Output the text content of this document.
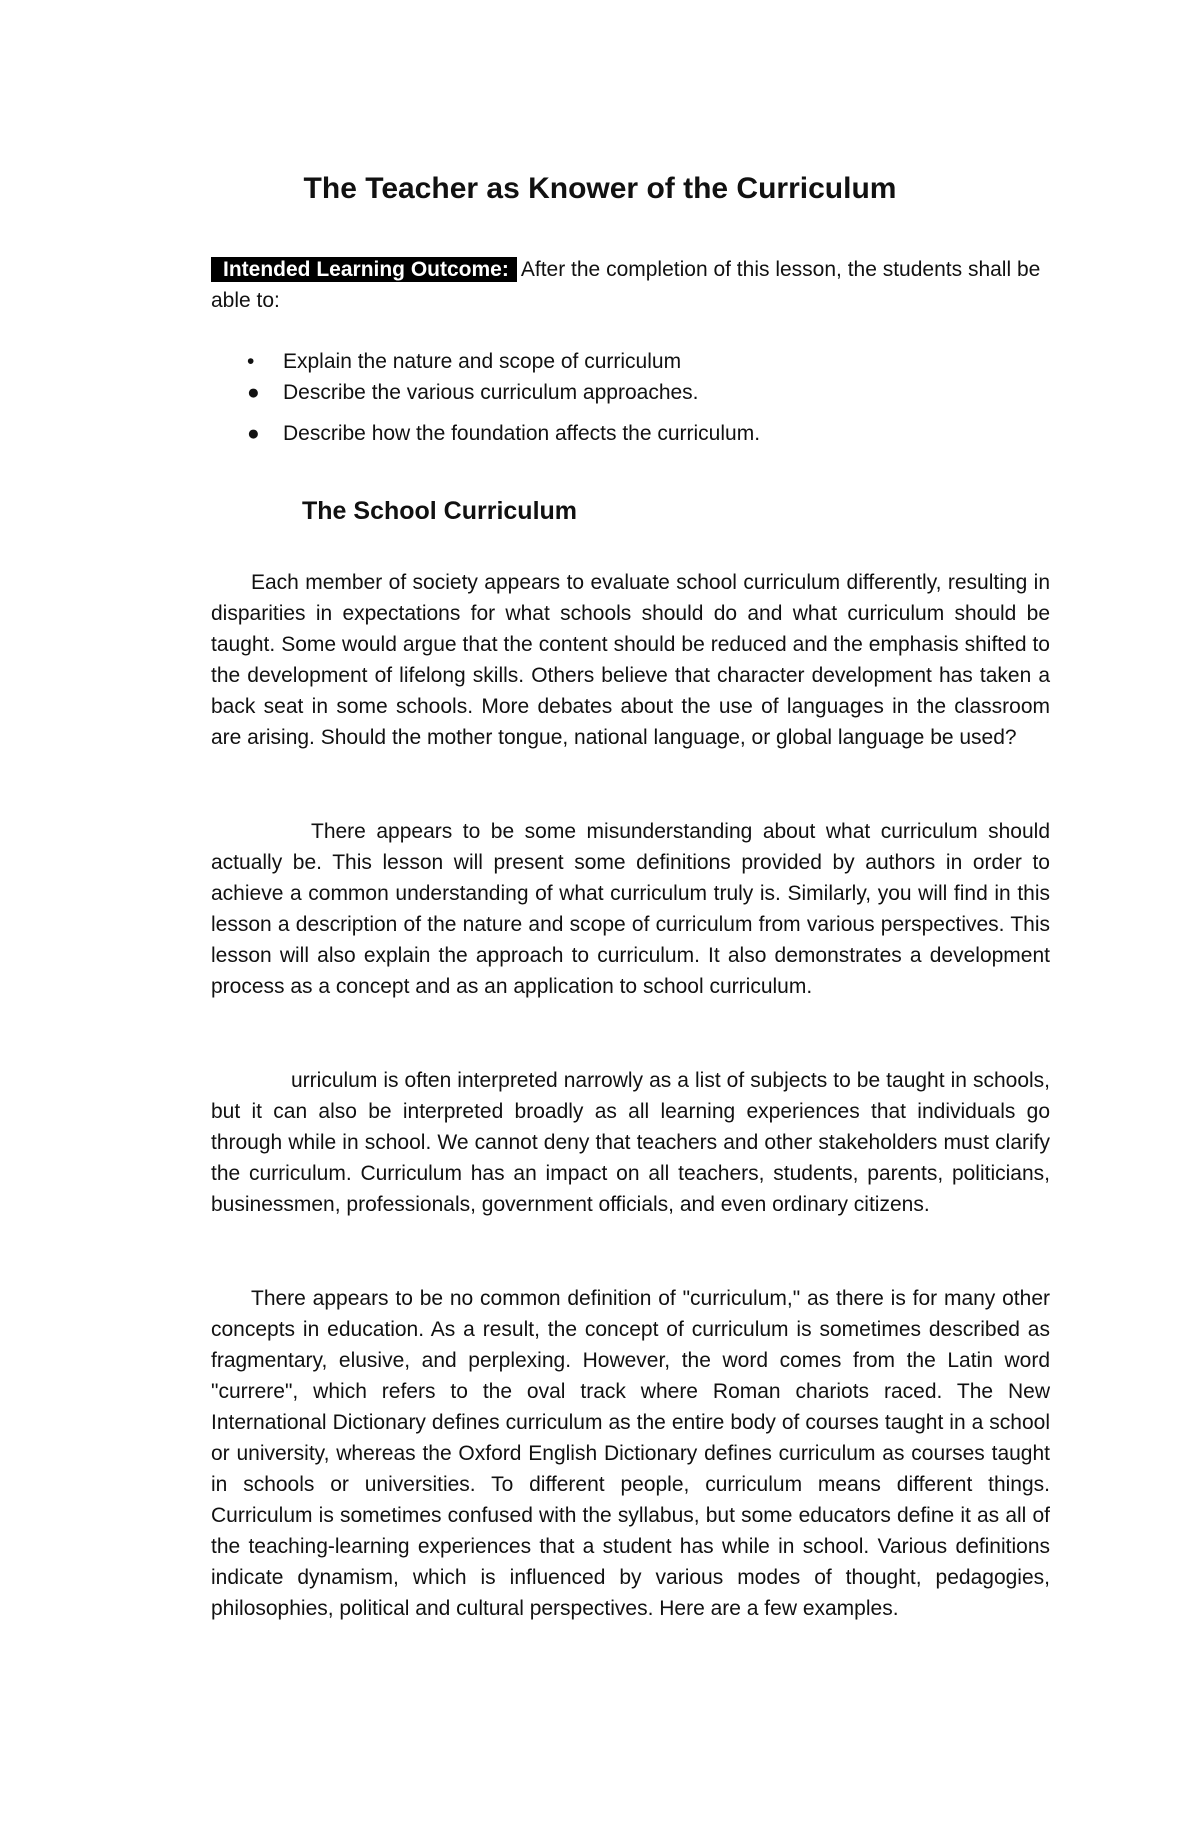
The Teacher as Knower of the Curriculum

Intended Learning Outcome: After the completion of this lesson, the students shall be able to:

• Explain the nature and scope of curriculum
● Describe the various curriculum approaches.
● Describe how the foundation affects the curriculum.
The School Curriculum

Each member of society appears to evaluate school curriculum differently, resulting in disparities in expectations for what schools should do and what curriculum should be taught. Some would argue that the content should be reduced and the emphasis shifted to the development of lifelong skills. Others believe that character development has taken a back seat in some schools. More debates about the use of languages in the classroom are arising. Should the mother tongue, national language, or global language be used?

There appears to be some misunderstanding about what curriculum should actually be. This lesson will present some definitions provided by authors in order to achieve a common understanding of what curriculum truly is. Similarly, you will find in this lesson a description of the nature and scope of curriculum from various perspectives. This lesson will also explain the approach to curriculum. It also demonstrates a development process as a concept and as an application to school curriculum.

urriculum is often interpreted narrowly as a list of subjects to be taught in schools, but it can also be interpreted broadly as all learning experiences that individuals go through while in school. We cannot deny that teachers and other stakeholders must clarify the curriculum. Curriculum has an impact on all teachers, students, parents, politicians, businessmen, professionals, government officials, and even ordinary citizens.

There appears to be no common definition of "curriculum," as there is for many other concepts in education. As a result, the concept of curriculum is sometimes described as fragmentary, elusive, and perplexing. However, the word comes from the Latin word "currere", which refers to the oval track where Roman chariots raced. The New International Dictionary defines curriculum as the entire body of courses taught in a school or university, whereas the Oxford English Dictionary defines curriculum as courses taught in schools or universities. To different people, curriculum means different things. Curriculum is sometimes confused with the syllabus, but some educators define it as all of the teaching-learning experiences that a student has while in school. Various definitions indicate dynamism, which is influenced by various modes of thought, pedagogies, philosophies, political and cultural perspectives. Here are a few examples.
